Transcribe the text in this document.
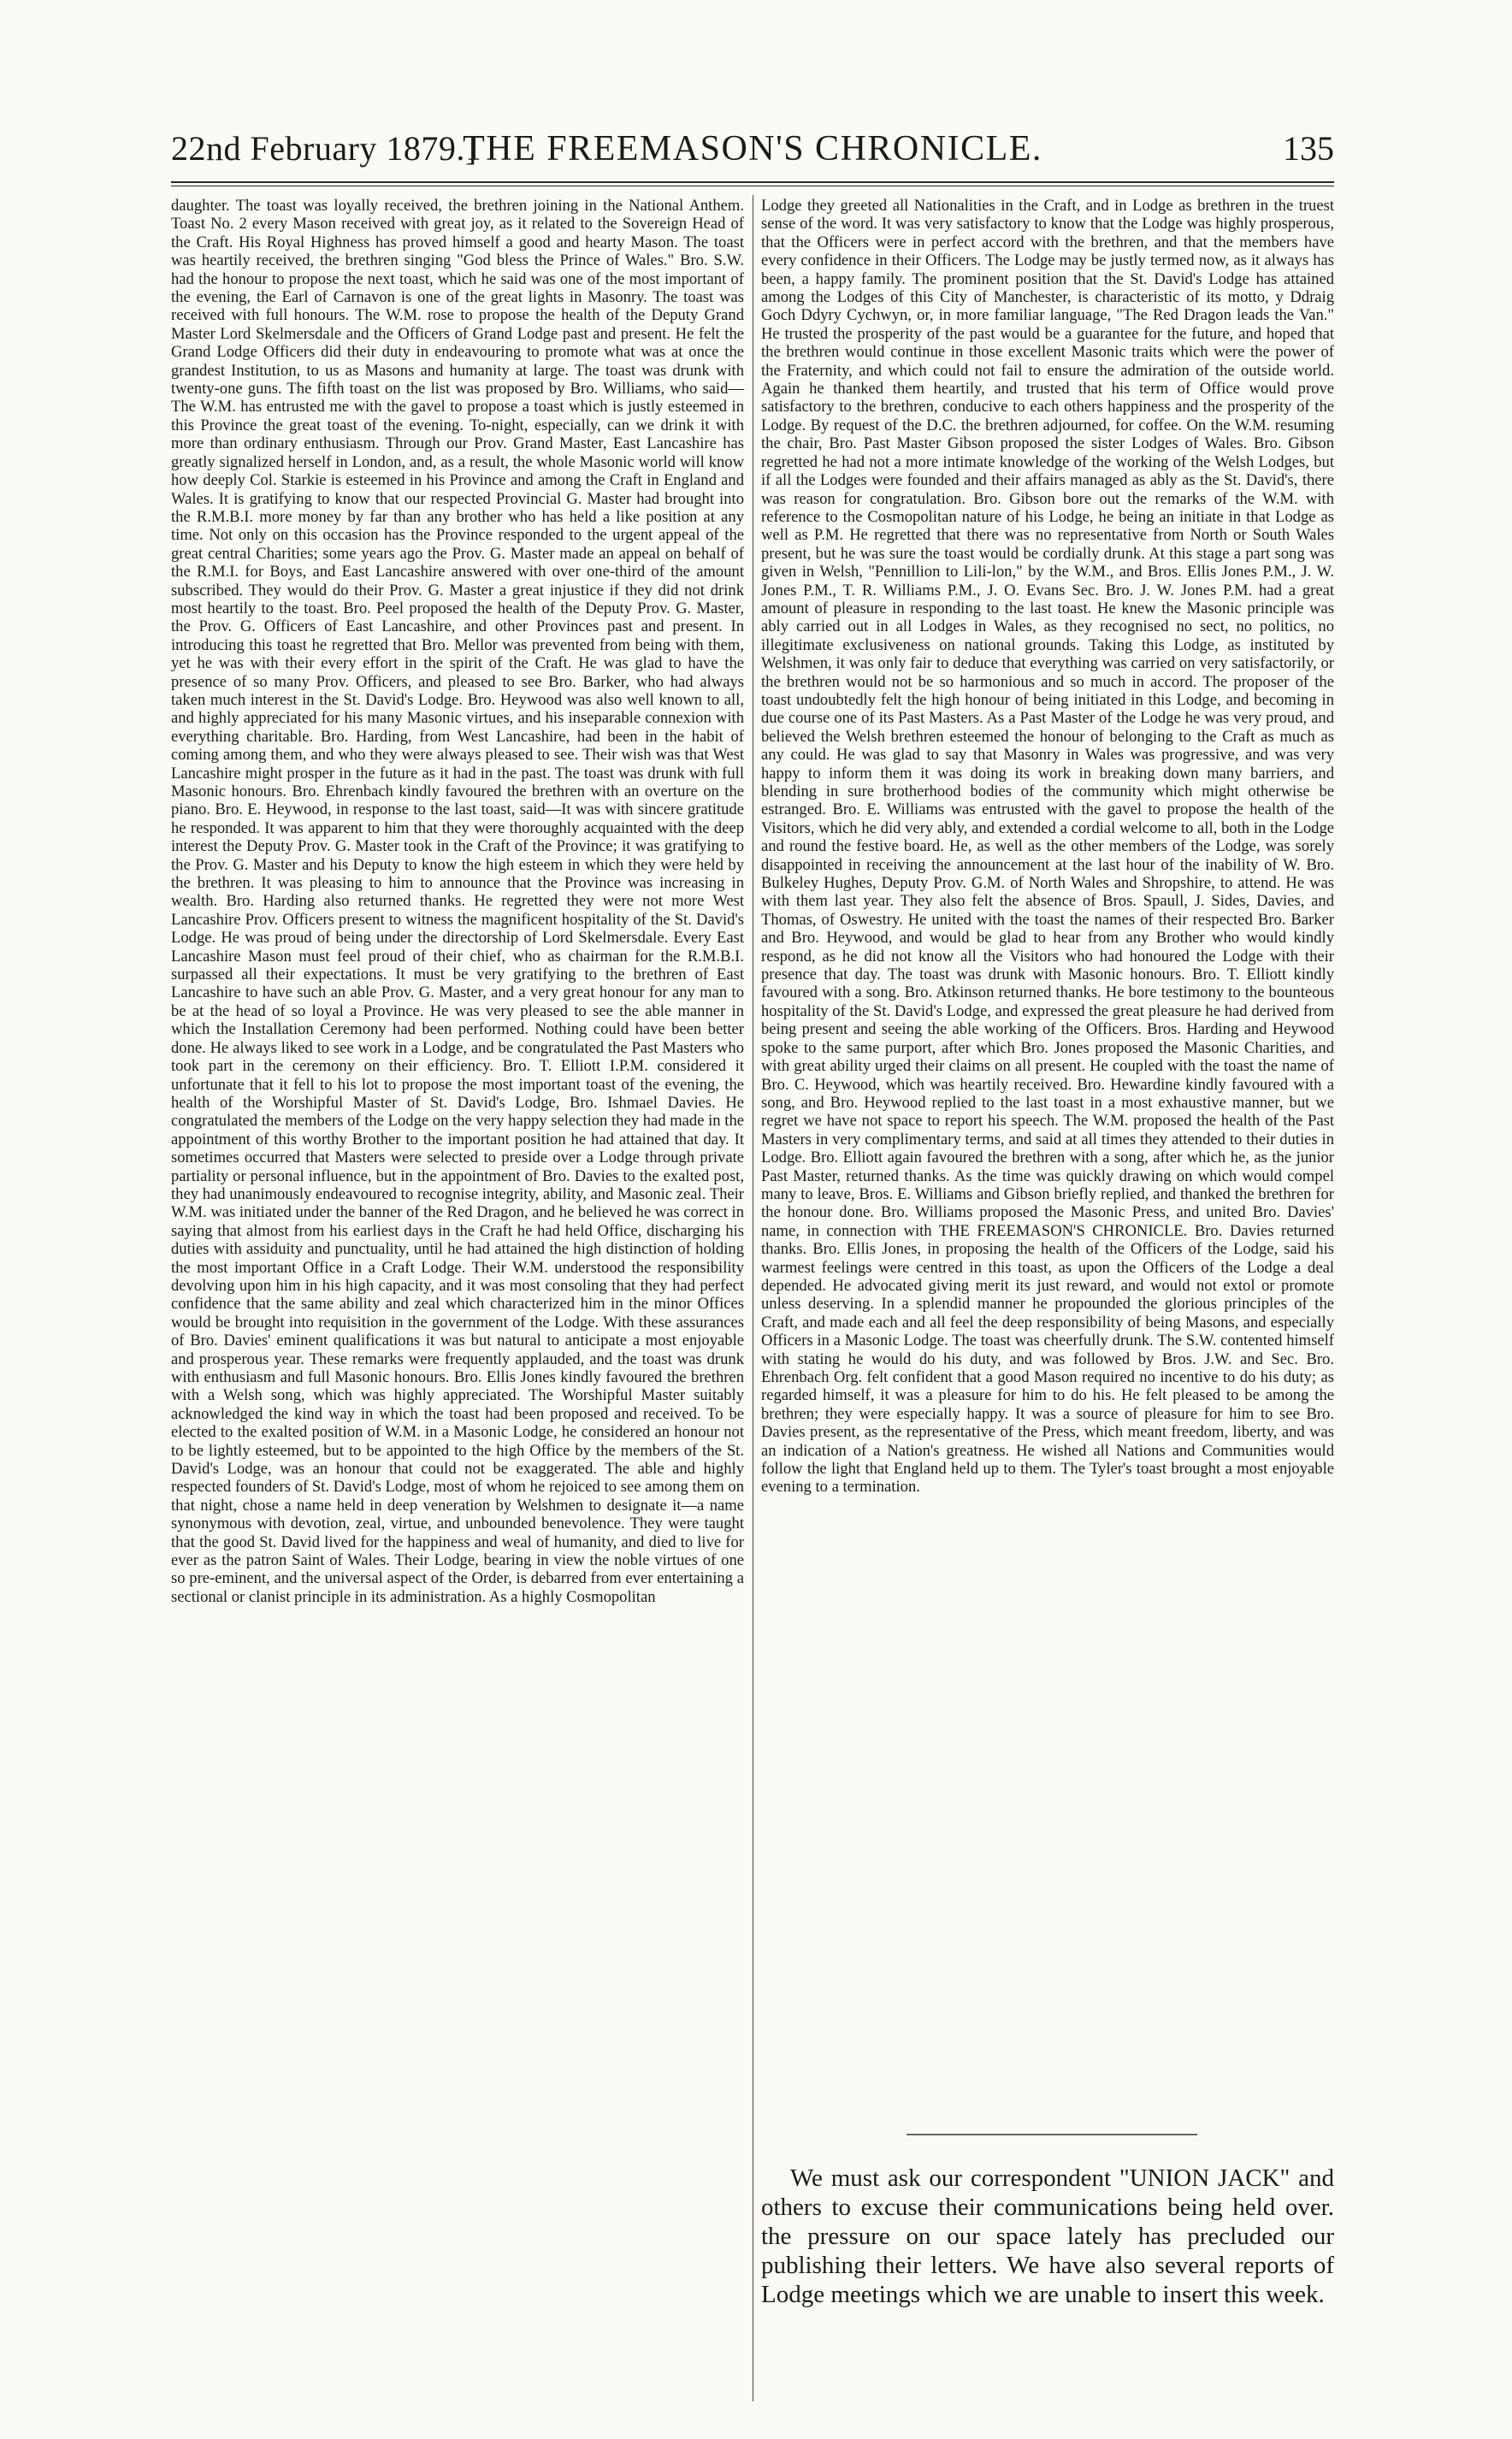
22nd February 1879.]
THE FREEMASON'S CHRONICLE.	135

daughter. The toast was loyally received, the brethren joining in the National Anthem. Toast No. 2 every Mason received with great joy, as it related to the Sovereign Head of the Craft. His Royal Highness has proved himself a good and hearty Mason. The toast was heartily received, the brethren singing "God bless the Prince of Wales." Bro. S.W. had the honour to propose the next toast, which he said was one of the most important of the evening, the Earl of Carnavon is one of the great lights in Masonry. The toast was received with full honours. The W.M. rose to propose the health of the Deputy Grand Master Lord Skelmersdale and the Officers of Grand Lodge past and present. He felt the Grand Lodge Officers did their duty in endeavouring to promote what was at once the grandest Institution, to us as Masons and humanity at large. The toast was drunk with twenty-one guns. The fifth toast on the list was proposed by Bro. Williams, who said—The W.M. has entrusted me with the gavel to propose a toast which is justly esteemed in this Province the great toast of the evening. To-night, especially, can we drink it with more than ordinary enthusiasm. Through our Prov. Grand Master, East Lancashire has greatly signalized herself in London, and, as a result, the whole Masonic world will know how deeply Col. Starkie is esteemed in his Province and among the Craft in England and Wales. It is gratifying to know that our respected Provincial G. Master had brought into the R.M.B.I. more money by far than any brother who has held a like position at any time. Not only on this occasion has the Province responded to the urgent appeal of the great central Charities; some years ago the Prov. G. Master made an appeal on behalf of the R.M.I. for Boys, and East Lancashire answered with over one-third of the amount subscribed. They would do their Prov. G. Master a great injustice if they did not drink most heartily to the toast. Bro. Peel proposed the health of the Deputy Prov. G. Master, the Prov. G. Officers of East Lancashire, and other Provinces past and present. In introducing this toast he regretted that Bro. Mellor was prevented from being with them, yet he was with their every effort in the spirit of the Craft. He was glad to have the presence of so many Prov. Officers, and pleased to see Bro. Barker, who had always taken much interest in the St. David's Lodge. Bro. Heywood was also well known to all, and highly appreciated for his many Masonic virtues, and his inseparable connexion with everything charitable. Bro. Harding, from West Lancashire, had been in the habit of coming among them, and who they were always pleased to see. Their wish was that West Lancashire might prosper in the future as it had in the past. The toast was drunk with full Masonic honours. Bro. Ehrenbach kindly favoured the brethren with an overture on the piano. Bro. E. Heywood, in response to the last toast, said—It was with sincere gratitude he responded. It was apparent to him that they were thoroughly acquainted with the deep interest the Deputy Prov. G. Master took in the Craft of the Province; it was gratifying to the Prov. G. Master and his Deputy to know the high esteem in which they were held by the brethren. It was pleasing to him to announce that the Province was increasing in wealth. Bro. Harding also returned thanks. He regretted they were not more West Lancashire Prov. Officers present to witness the magnificent hospitality of the St. David's Lodge. He was proud of being under the directorship of Lord Skelmersdale. Every East Lancashire Mason must feel proud of their chief, who as chairman for the R.M.B.I. surpassed all their expectations. It must be very gratifying to the brethren of East Lancashire to have such an able Prov. G. Master, and a very great honour for any man to be at the head of so loyal a Province. He was very pleased to see the able manner in which the Installation Ceremony had been performed. Nothing could have been better done. He always liked to see work in a Lodge, and be congratulated the Past Masters who took part in the ceremony on their efficiency. Bro. T. Elliott I.P.M. considered it unfortunate that it fell to his lot to propose the most important toast of the evening, the health of the Worshipful Master of St. David's Lodge, Bro. Ishmael Davies. He congratulated the members of the Lodge on the very happy selection they had made in the appointment of this worthy Brother to the important position he had attained that day. It sometimes occurred that Masters were selected to preside over a Lodge through private partiality or personal influence, but in the appointment of Bro. Davies to the exalted post, they had unanimously endeavoured to recognise integrity, ability, and Masonic zeal. Their W.M. was initiated under the banner of the Red Dragon, and he believed he was correct in saying that almost from his earliest days in the Craft he had held Office, discharging his duties with assiduity and punctuality, until he had attained the high distinction of holding the most important Office in a Craft Lodge. Their W.M. understood the responsibility devolving upon him in his high capacity, and it was most consoling that they had perfect confidence that the same ability and zeal which characterized him in the minor Offices would be brought into requisition in the government of the Lodge. With these assurances of Bro. Davies' eminent qualifications it was but natural to anticipate a most enjoyable and prosperous year. These remarks were frequently applauded, and the toast was drunk with enthusiasm and full Masonic honours. Bro. Ellis Jones kindly favoured the brethren with a Welsh song, which was highly appreciated. The Worshipful Master suitably acknowledged the kind way in which the toast had been proposed and received. To be elected to the exalted position of W.M. in a Masonic Lodge, he considered an honour not to be lightly esteemed, but to be appointed to the high Office by the members of the St. David's Lodge, was an honour that could not be exaggerated. The able and highly respected founders of St. David's Lodge, most of whom he rejoiced to see among them on that night, chose a name held in deep veneration by Welshmen to designate it—a name synonymous with devotion, zeal, virtue, and unbounded benevolence. They were taught that the good St. David lived for the happiness and weal of humanity, and died to live for ever as the patron Saint of Wales. Their Lodge, bearing in view the noble virtues of one so pre-eminent, and the universal aspect of the Order, is debarred from ever entertaining a sectional or clanist principle in its administration. As a highly Cosmopolitan

Lodge they greeted all Nationalities in the Craft, and in Lodge as brethren in the truest sense of the word. It was very satisfactory to know that the Lodge was highly prosperous, that the Officers were in perfect accord with the brethren, and that the members have every confidence in their Officers. The Lodge may be justly termed now, as it always has been, a happy family. The prominent position that the St. David's Lodge has attained among the Lodges of this City of Manchester, is characteristic of its motto, y Ddraig Goch Ddyry Cychwyn, or, in more familiar language, "The Red Dragon leads the Van." He trusted the prosperity of the past would be a guarantee for the future, and hoped that the brethren would continue in those excellent Masonic traits which were the power of the Fraternity, and which could not fail to ensure the admiration of the outside world. Again he thanked them heartily, and trusted that his term of Office would prove satisfactory to the brethren, conducive to each others happiness and the prosperity of the Lodge. By request of the D.C. the brethren adjourned, for coffee. On the W.M. resuming the chair, Bro. Past Master Gibson proposed the sister Lodges of Wales. Bro. Gibson regretted he had not a more intimate knowledge of the working of the Welsh Lodges, but if all the Lodges were founded and their affairs managed as ably as the St. David's, there was reason for congratulation. Bro. Gibson bore out the remarks of the W.M. with reference to the Cosmopolitan nature of his Lodge, he being an initiate in that Lodge as well as P.M. He regretted that there was no representative from North or South Wales present, but he was sure the toast would be cordially drunk. At this stage a part song was given in Welsh, "Pennillion to Lili-lon," by the W.M., and Bros. Ellis Jones P.M., J. W. Jones P.M., T. R. Williams P.M., J. O. Evans Sec. Bro. J. W. Jones P.M. had a great amount of pleasure in responding to the last toast. He knew the Masonic principle was ably carried out in all Lodges in Wales, as they recognised no sect, no politics, no illegitimate exclusiveness on national grounds. Taking this Lodge, as instituted by Welshmen, it was only fair to deduce that everything was carried on very satisfactorily, or the brethren would not be so harmonious and so much in accord. The proposer of the toast undoubtedly felt the high honour of being initiated in this Lodge, and becoming in due course one of its Past Masters. As a Past Master of the Lodge he was very proud, and believed the Welsh brethren esteemed the honour of belonging to the Craft as much as any could. He was glad to say that Masonry in Wales was progressive, and was very happy to inform them it was doing its work in breaking down many barriers, and blending in sure brotherhood bodies of the community which might otherwise be estranged. Bro. E. Williams was entrusted with the gavel to propose the health of the Visitors, which he did very ably, and extended a cordial welcome to all, both in the Lodge and round the festive board. He, as well as the other members of the Lodge, was sorely disappointed in receiving the announcement at the last hour of the inability of W. Bro. Bulkeley Hughes, Deputy Prov. G.M. of North Wales and Shropshire, to attend. He was with them last year. They also felt the absence of Bros. Spaull, J. Sides, Davies, and Thomas, of Oswestry. He united with the toast the names of their respected Bro. Barker and Bro. Heywood, and would be glad to hear from any Brother who would kindly respond, as he did not know all the Visitors who had honoured the Lodge with their presence that day. The toast was drunk with Masonic honours. Bro. T. Elliott kindly favoured with a song. Bro. Atkinson returned thanks. He bore testimony to the bounteous hospitality of the St. David's Lodge, and expressed the great pleasure he had derived from being present and seeing the able working of the Officers. Bros. Harding and Heywood spoke to the same purport, after which Bro. Jones proposed the Masonic Charities, and with great ability urged their claims on all present. He coupled with the toast the name of Bro. C. Heywood, which was heartily received. Bro. Hewardine kindly favoured with a song, and Bro. Heywood replied to the last toast in a most exhaustive manner, but we regret we have not space to report his speech. The W.M. proposed the health of the Past Masters in very complimentary terms, and said at all times they attended to their duties in Lodge. Bro. Elliott again favoured the brethren with a song, after which he, as the junior Past Master, returned thanks. As the time was quickly drawing on which would compel many to leave, Bros. E. Williams and Gibson briefly replied, and thanked the brethren for the honour done. Bro. Williams proposed the Masonic Press, and united Bro. Davies' name, in connection with THE FREEMASON'S CHRONICLE. Bro. Davies returned thanks. Bro. Ellis Jones, in proposing the health of the Officers of the Lodge, said his warmest feelings were centred in this toast, as upon the Officers of the Lodge a deal depended. He advocated giving merit its just reward, and would not extol or promote unless deserving. In a splendid manner he propounded the glorious principles of the Craft, and made each and all feel the deep responsibility of being Masons, and especially Officers in a Masonic Lodge. The toast was cheerfully drunk. The S.W. contented himself with stating he would do his duty, and was followed by Bros. J.W. and Sec. Bro. Ehrenbach Org. felt confident that a good Mason required no incentive to do his duty; as regarded himself, it was a pleasure for him to do his. He felt pleased to be among the brethren; they were especially happy. It was a source of pleasure for him to see Bro. Davies present, as the representative of the Press, which meant freedom, liberty, and was an indication of a Nation's greatness. He wished all Nations and Communities would follow the light that England held up to them. The Tyler's toast brought a most enjoyable evening to a termination.

We must ask our correspondent "UNION JACK" and others to excuse their communications being held over. the pressure on our space lately has precluded our publishing their letters. We have also several reports of Lodge meetings which we are unable to insert this week.
